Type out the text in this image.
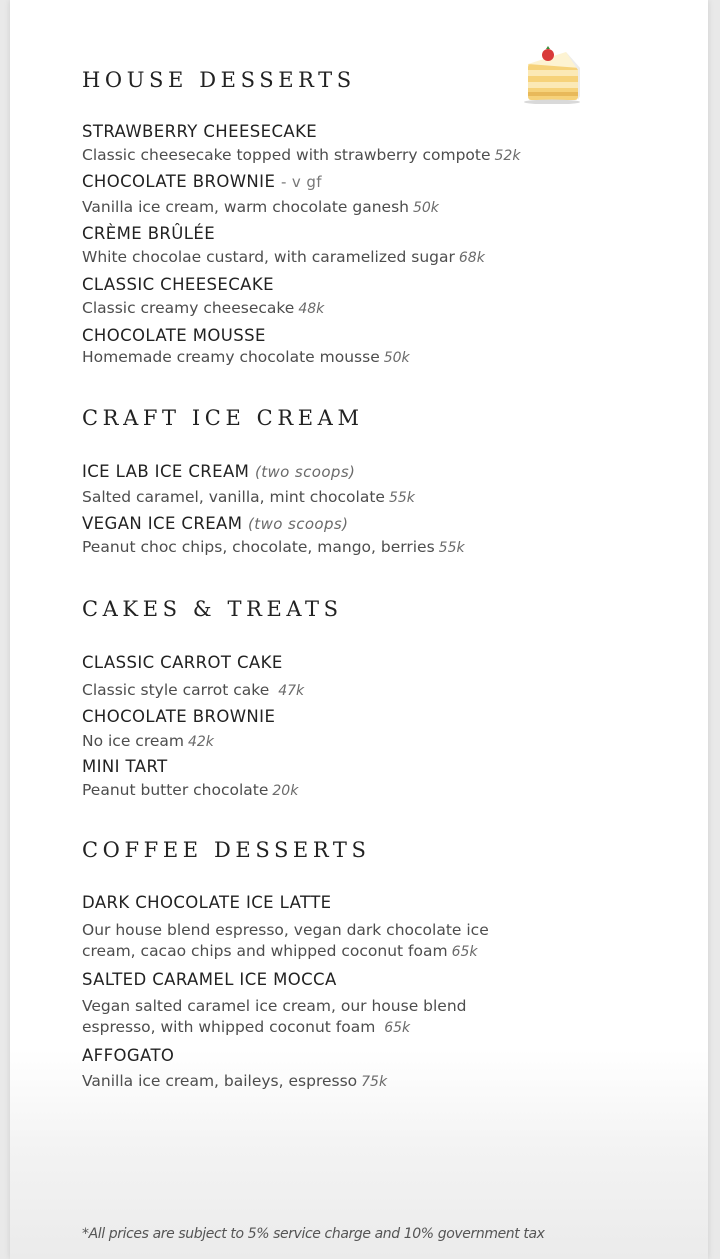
HOUSE DESSERTS
STRAWBERRY CHEESECAKE
Classic cheesecake topped with strawberry compote 52k
CHOCOLATE BROWNIE - v gf
Vanilla ice cream, warm chocolate ganesh 50k
CRÈME BRÛLÉE
White chocolae custard, with caramelized sugar 68k
CLASSIC CHEESECAKE
Classic creamy cheesecake 48k
CHOCOLATE MOUSSE
Homemade creamy chocolate mousse 50k
CRAFT ICE CREAM
ICE LAB ICE CREAM (two scoops)
Salted caramel, vanilla, mint chocolate 55k
VEGAN ICE CREAM (two scoops)
Peanut choc chips, chocolate, mango, berries 55k
CAKES & TREATS
CLASSIC CARROT CAKE
Classic style carrot cake 47k
CHOCOLATE BROWNIE
No ice cream 42k
MINI TART
Peanut butter chocolate 20k
COFFEE DESSERTS
DARK CHOCOLATE ICE LATTE
Our house blend espresso, vegan dark chocolate ice
cream, cacao chips and whipped coconut foam 65k
SALTED CARAMEL ICE MOCCA
Vegan salted caramel ice cream, our house blend
espresso, with whipped coconut foam 65k
AFFOGATO
Vanilla ice cream, baileys, espresso 75k
*All prices are subject to 5% service charge and 10% government tax
